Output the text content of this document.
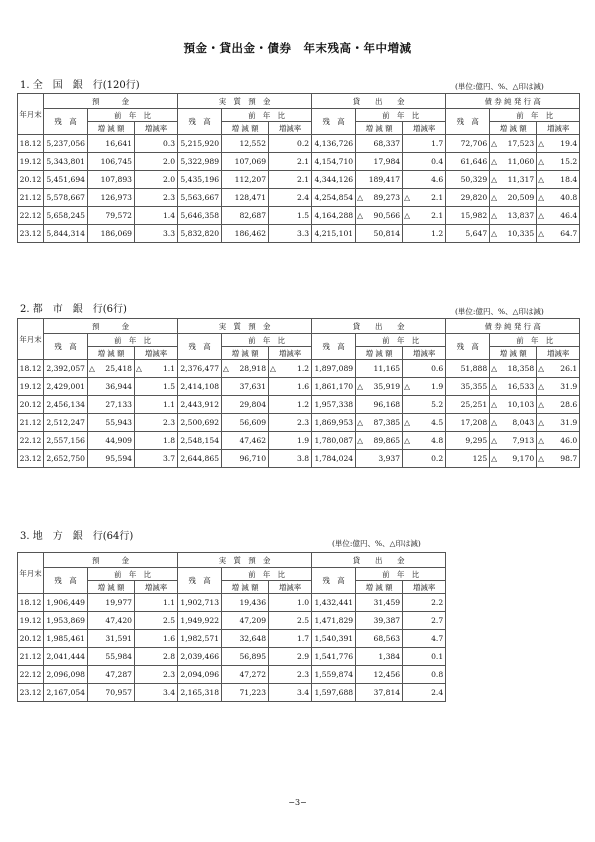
預金・貸出金・債券　年末残高・年中増減
1. 全　国　銀　行(120行)	(単位:億円、%、△印は減)
年月末	預　　　金					実　質　預　金					貸　　出　　金					債 券 純 発 行 高				
	残　高	前　年　比				残　高	前　年　比				残　高	前　年　比				残　高	前　年　比			
		増 減 額		増減率			増 減 額		増減率			増 減 額		増減率			増 減 額		増減率	
18.12	5,237,056		16,641		0.3	5,215,920		12,552		0.2	4,136,726		68,337		1.7	72,706	△	17,523	△	19.4
19.12	5,343,801		106,745		2.0	5,322,989		107,069		2.1	4,154,710		17,984		0.4	61,646	△	11,060	△	15.2
20.12	5,451,694		107,893		2.0	5,435,196		112,207		2.1	4,344,126		189,417		4.6	50,329	△	11,317	△	18.4
21.12	5,578,667		126,973		2.3	5,563,667		128,471		2.4	4,254,854	△	89,273	△	2.1	29,820	△	20,509	△	40.8
22.12	5,658,245		79,572		1.4	5,646,358		82,687		1.5	4,164,288	△	90,566	△	2.1	15,982	△	13,837	△	46.4
23.12	5,844,314		186,069		3.3	5,832,820		186,462		3.3	4,215,101		50,814		1.2	5,647	△	10,335	△	64.7
2. 都　市　銀　行(6行)	(単位:億円、%、△印は減)
年月末	預　　　金					実　質　預　金					貸　　出　　金					債 券 純 発 行 高				
	残　高	前　年　比				残　高	前　年　比				残　高	前　年　比				残　高	前　年　比			
		増 減 額		増減率			増 減 額		増減率			増 減 額		増減率			増 減 額		増減率	
18.12	2,392,057	△	25,418	△	1.1	2,376,477	△	28,918	△	1.2	1,897,089		11,165		0.6	51,888	△	18,358	△	26.1
19.12	2,429,001		36,944		1.5	2,414,108		37,631		1.6	1,861,170	△	35,919	△	1.9	35,355	△	16,533	△	31.9
20.12	2,456,134		27,133		1.1	2,443,912		29,804		1.2	1,957,338		96,168		5.2	25,251	△	10,103	△	28.6
21.12	2,512,247		55,943		2.3	2,500,692		56,609		2.3	1,869,953	△	87,385	△	4.5	17,208	△	8,043	△	31.9
22.12	2,557,156		44,909		1.8	2,548,154		47,462		1.9	1,780,087	△	89,865	△	4.8	9,295	△	7,913	△	46.0
23.12	2,652,750		95,594		3.7	2,644,865		96,710		3.8	1,784,024		3,937		0.2	125	△	9,170	△	98.7
3. 地　方　銀　行(64行)
(単位:億円、%、△印は減)
年月末	預　　　金					実　質　預　金					貸　　出　　金				
	残　高	前　年　比				残　高	前　年　比				残　高	前　年　比			
		増 減 額		増減率			増 減 額		増減率			増 減 額		増減率	
18.12	1,906,449		19,977		1.1	1,902,713		19,436		1.0	1,432,441		31,459		2.2
19.12	1,953,869		47,420		2.5	1,949,922		47,209		2.5	1,471,829		39,387		2.7
20.12	1,985,461		31,591		1.6	1,982,571		32,648		1.7	1,540,391		68,563		4.7
21.12	2,041,444		55,984		2.8	2,039,466		56,895		2.9	1,541,776		1,384		0.1
22.12	2,096,098		47,287		2.3	2,094,096		47,272		2.3	1,559,874		12,456		0.8
23.12	2,167,054		70,957		3.4	2,165,318		71,223		3.4	1,597,688		37,814		2.4
−3−
